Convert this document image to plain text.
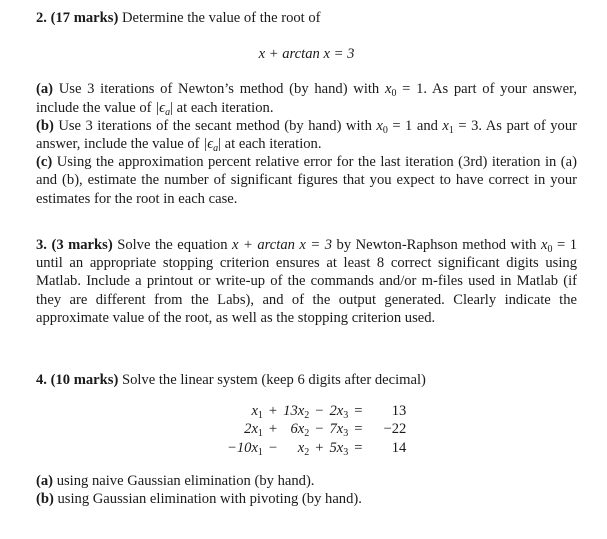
2. (17 marks) Determine the value of the root of

x + arctan x = 3

(a) Use 3 iterations of Newton’s method (by hand) with $x_0 = 1$. As part of your answer, include the value of $|\epsilon_a|$ at each iteration.

(b) Use 3 iterations of the secant method (by hand) with $x_0 = 1$ and $x_1 = 3$. As part of your answer, include the value of $|\epsilon_a|$ at each iteration.

(c) Using the approximation percent relative error for the last iteration (3rd) iteration in (a) and (b), estimate the number of significant figures that you expect to have correct in your estimates for the root in each case.

3. (3 marks) Solve the equation x + arctan x = 3 by Newton-Raphson method with $x_0 = 1$ until an appropriate stopping criterion ensures at least 8 correct significant digits using Matlab. Include a printout or write-up of the commands and/or m-files used in Matlab (if they are different from the Labs), and of the output generated. Clearly indicate the approximate value of the root, as well as the stopping criterion used.

4. (10 marks) Solve the linear system (keep 6 digits after decimal)

$x_1$	+	$13x_2$	−	$2x_3$	=	13
$2x_1$	+	$6x_2$	−	$7x_3$	=	−22
$-10x_1$	−	$x_2$	+	$5x_3$	=	14

(a) using naive Gaussian elimination (by hand).

(b) using Gaussian elimination with pivoting (by hand).
